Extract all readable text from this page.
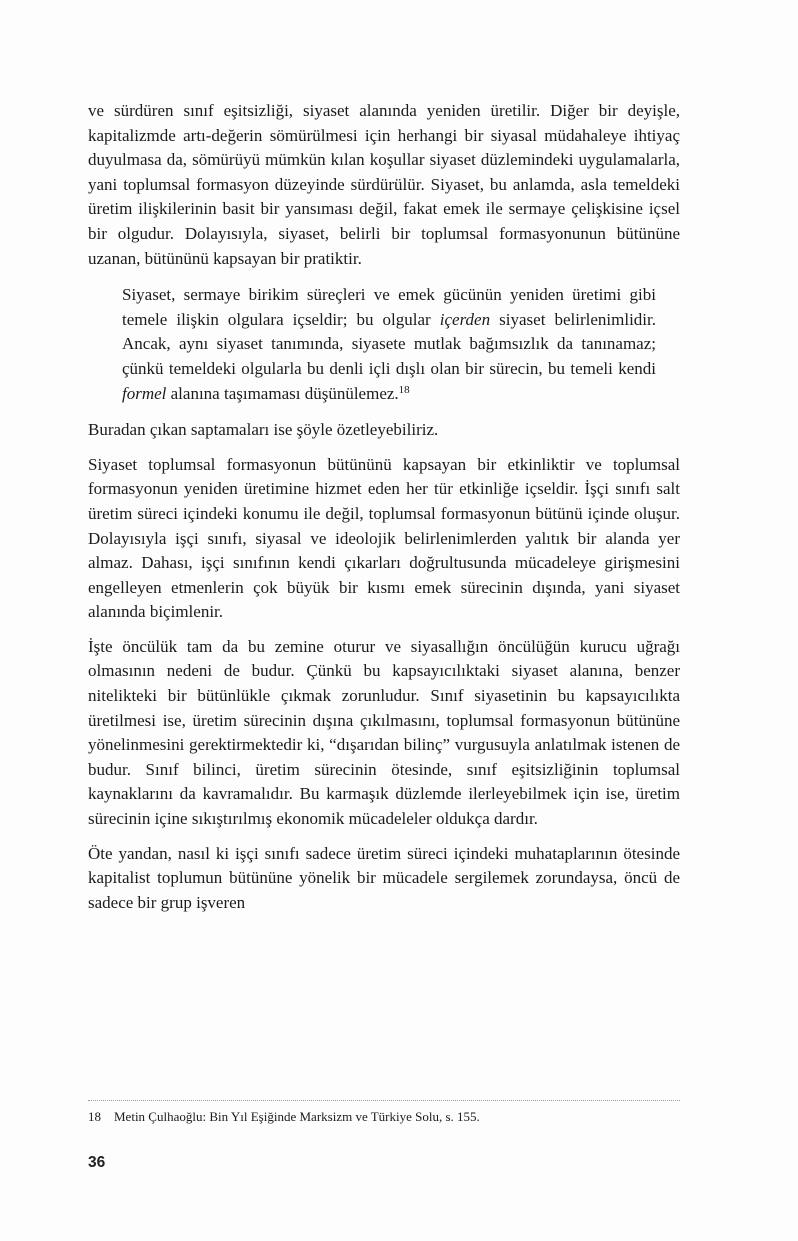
ve sürdüren sınıf eşitsizliği, siyaset alanında yeniden üretilir. Diğer bir deyişle, kapitalizmde artı-değerin sömürülmesi için herhangi bir siyasal müdahaleye ihtiyaç duyulmasa da, sömürüyü mümkün kılan koşullar siyaset düzlemindeki uygulamalarla, yani toplumsal formasyon düzeyinde sürdürülür. Siyaset, bu anlamda, asla temeldeki üretim ilişkilerinin basit bir yansıması değil, fakat emek ile sermaye çelişkisine içsel bir olgudur. Dolayısıyla, siyaset, belirli bir toplumsal formasyonunun bütününe uzanan, bütününü kapsayan bir pratiktir.

Siyaset, sermaye birikim süreçleri ve emek gücünün yeniden üretimi gibi temele ilişkin olgulara içseldir; bu olgular içerden siyaset belirlenimlidir. Ancak, aynı siyaset tanımında, siyasete mutlak bağımsızlık da tanınamaz; çünkü temeldeki olgularla bu denli içli dışlı olan bir sürecin, bu temeli kendi formel alanına taşımaması düşünülemez.$^{18}$

Buradan çıkan saptamaları ise şöyle özetleyebiliriz.

Siyaset toplumsal formasyonun bütününü kapsayan bir etkinliktir ve toplumsal formasyonun yeniden üretimine hizmet eden her tür etkinliğe içseldir. İşçi sınıfı salt üretim süreci içindeki konumu ile değil, toplumsal formasyonun bütünü içinde oluşur. Dolayısıyla işçi sınıfı, siyasal ve ideolojik belirlenimlerden yalıtık bir alanda yer almaz. Dahası, işçi sınıfının kendi çıkarları doğrultusunda mücadeleye girişmesini engelleyen etmenlerin çok büyük bir kısmı emek sürecinin dışında, yani siyaset alanında biçimlenir.

İşte öncülük tam da bu zemine oturur ve siyasallığın öncülüğün kurucu uğrağı olmasının nedeni de budur. Çünkü bu kapsayıcılıktaki siyaset alanına, benzer nitelikteki bir bütünlükle çıkmak zorunludur. Sınıf siyasetinin bu kapsayıcılıkta üretilmesi ise, üretim sürecinin dışına çıkılmasını, toplumsal formasyonun bütününe yönelinmesini gerektirmektedir ki, “dışarıdan bilinç” vurgusuyla anlatılmak istenen de budur. Sınıf bilinci, üretim sürecinin ötesinde, sınıf eşitsizliğinin toplumsal kaynaklarını da kavramalıdır. Bu karmaşık düzlemde ilerleyebilmek için ise, üretim sürecinin içine sıkıştırılmış ekonomik mücadeleler oldukça dardır.

Öte yandan, nasıl ki işçi sınıfı sadece üretim süreci içindeki muhataplarının ötesinde kapitalist toplumun bütününe yönelik bir mücadele sergilemek zorundaysa, öncü de sadece bir grup işveren

18 Metin Çulhaoğlu: Bin Yıl Eşiğinde Marksizm ve Türkiye Solu, s. 155.
36
